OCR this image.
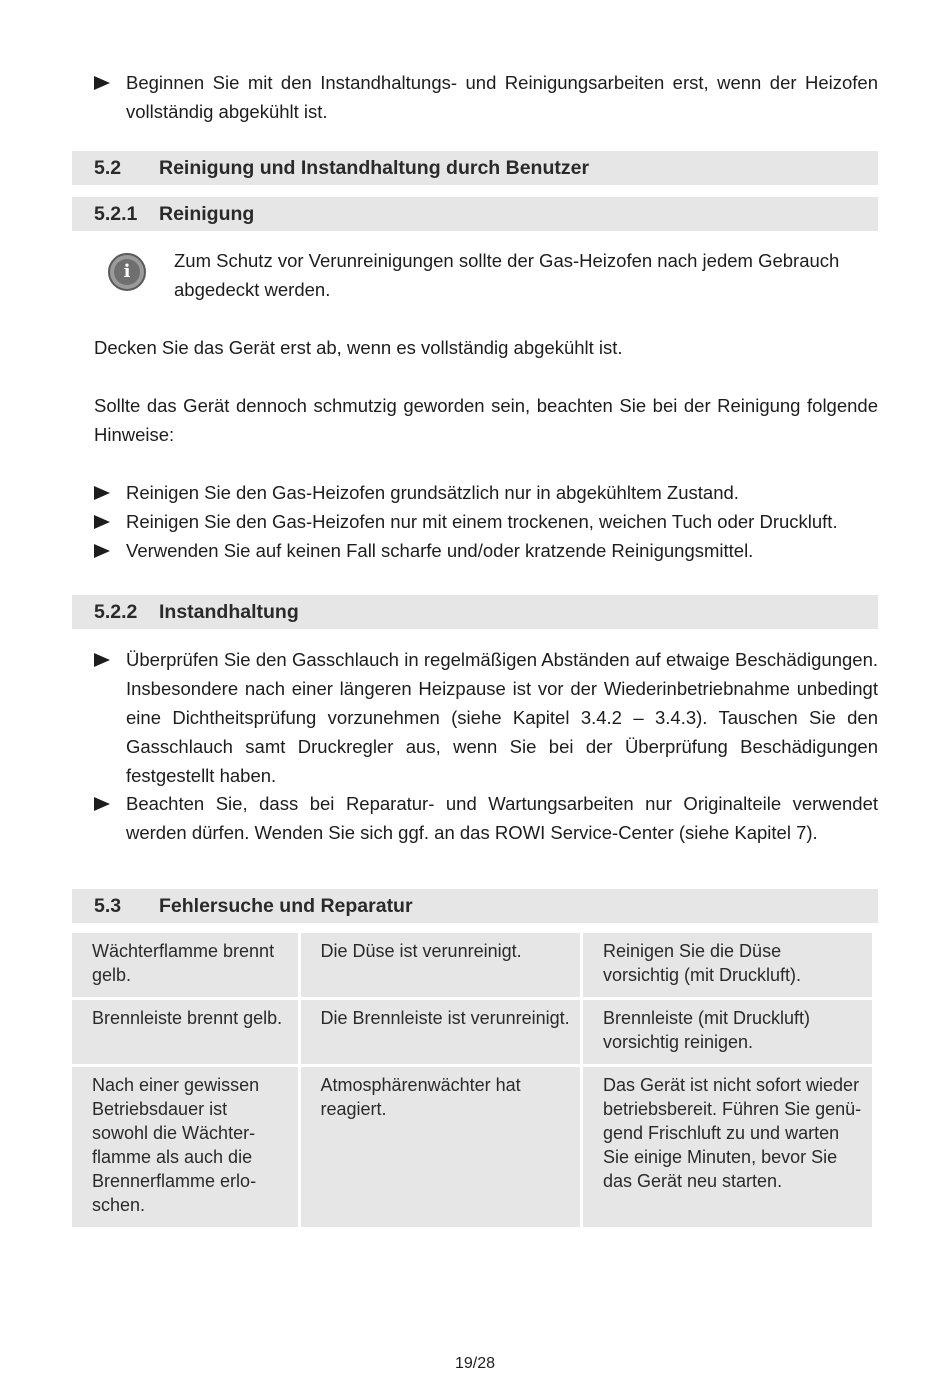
Beginnen Sie mit den Instandhaltungs- und Reinigungsarbeiten erst, wenn der Heizofen vollständig abgekühlt ist.
5.2 Reinigung und Instandhaltung durch Benutzer
5.2.1 Reinigung
i
Zum Schutz vor Verunreinigungen sollte der Gas-Heizofen nach jedem Gebrauch abgedeckt werden.
Decken Sie das Gerät erst ab, wenn es vollständig abgekühlt ist.
Sollte das Gerät dennoch schmutzig geworden sein, beachten Sie bei der Reinigung folgende Hinweise:
Reinigen Sie den Gas-Heizofen grundsätzlich nur in abgekühltem Zustand.
Reinigen Sie den Gas-Heizofen nur mit einem trockenen, weichen Tuch oder Druckluft.
Verwenden Sie auf keinen Fall scharfe und/oder kratzende Reinigungsmittel.
5.2.2 Instandhaltung
Überprüfen Sie den Gasschlauch in regelmäßigen Abständen auf etwaige Beschädigungen. Insbesondere nach einer längeren Heizpause ist vor der Wiederinbetriebnahme unbedingt eine Dichtheitsprüfung vorzunehmen (siehe Kapitel 3.4.2 – 3.4.3). Tauschen Sie den Gasschlauch samt Druckregler aus, wenn Sie bei der Überprüfung Beschädigungen festgestellt haben.
Beachten Sie, dass bei Reparatur- und Wartungsarbeiten nur Originalteile verwendet werden dürfen. Wenden Sie sich ggf. an das ROWI Service-Center (siehe Kapitel 7).
5.3 Fehlersuche und Reparatur
Wächterflamme brennt gelb.	Die Düse ist verunreinigt.	Reinigen Sie die Düse vorsichtig (mit Druckluft).
Brennleiste brennt gelb.	Die Brennleiste ist verunreinigt.	Brennleiste (mit Druckluft) vorsichtig reinigen.
Nach einer gewissen Betriebsdauer ist sowohl die Wächterflamme als auch die Brennerflamme erloschen.	Atmosphärenwächter hat reagiert.	Das Gerät ist nicht sofort wieder betriebsbereit. Führen Sie genügend Frischluft zu und warten Sie einige Minuten, bevor Sie das Gerät neu starten.
19/28
